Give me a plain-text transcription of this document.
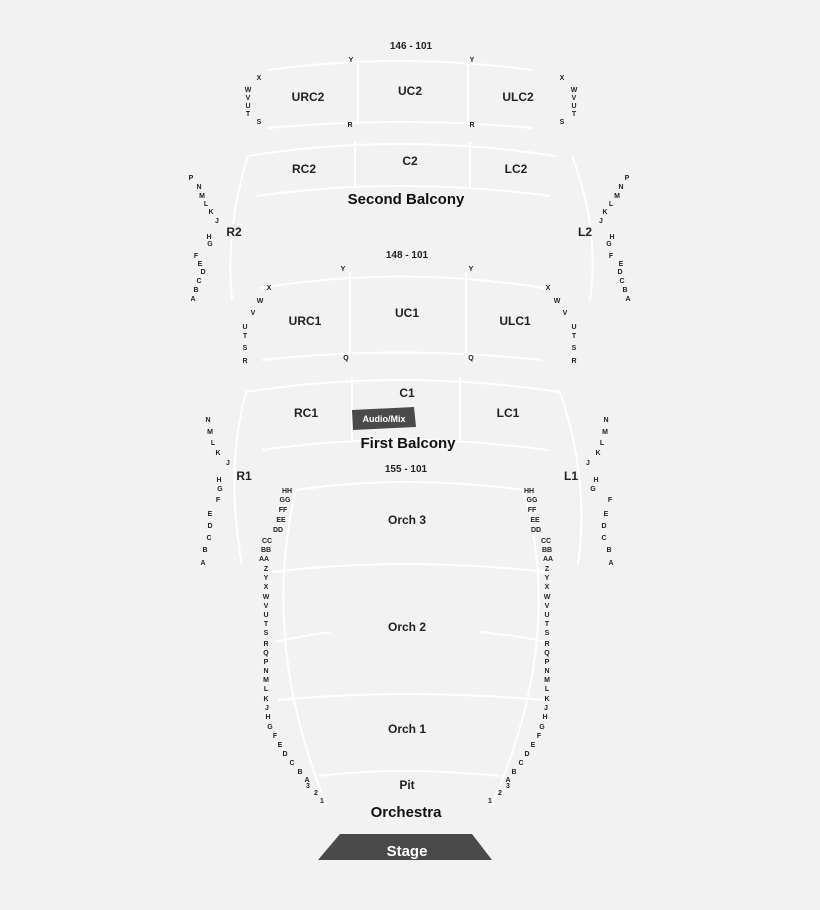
146 - 101
148 - 101
155 - 101
Second Balcony
First Balcony
Orchestra
URC2	UC2	ULC2
RC2
C2
LC2
R2	L2
URC1
UC1
ULC1
RC1
C1
LC1
R1	L1
Orch 3
Orch 2
Orch 1
Pit
Audio/Mix
Stage
X
W
V
U
T
S
X
W
V
U
T
S
Y	Y
R	R
P
N
M
L
K
J
H
G
F
E
D
C
B
A
P
N
M
L
K
J
H
G
F
E
D
C
B
A
Y	Y
Q	Q
X
W
V
U
T
S
R
X
W
V
U
T
S
R
N
M
L
K
J
H
G
F
E
D
C
B
A
N
M
L
K
J
H
G
F
E
D
C
B
A
HH
GG
FF
EE
DD
CC
BB
AA
Z
Y
X
W
V
U
T
S
R
Q
P
N
M
L
K
J
H
G
F
E
D
C
B
A
3
2
1
HH
GG
FF
EE
DD
CC
BB
AA
Z
Y
X
W
V
U
T
S
R
Q
P
N
M
L
K
J
H
G
F
E
D
C
B
A
3
2
1
